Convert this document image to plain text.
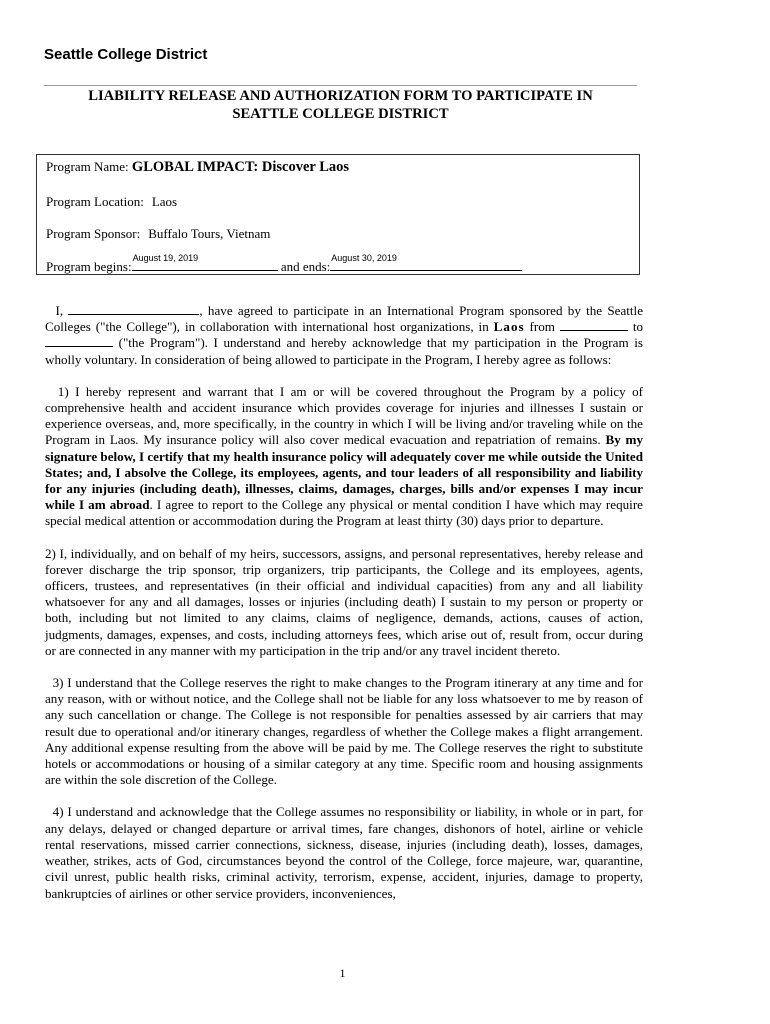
Seattle College District
LIABILITY RELEASE AND AUTHORIZATION FORM TO PARTICIPATE IN
SEATTLE COLLEGE DISTRICT
Program Name: GLOBAL IMPACT: Discover Laos
Program Location: Laos
Program Sponsor: Buffalo Tours, Vietnam
Program begins:
August 19, 2019
and ends:
August 30, 2019

I,	, have agreed to participate in an International Program sponsored by the Seattle Colleges ("the College"), in collaboration with international host organizations, in Laos from	to  ("the Program"). I understand and hereby acknowledge that my participation in the Program is wholly voluntary. In consideration of being allowed to participate in the Program, I hereby agree as follows:

1) I hereby represent and warrant that I am or will be covered throughout the Program by a policy of comprehensive health and accident insurance which provides coverage for injuries and illnesses I sustain or experience overseas, and, more specifically, in the country in which I will be living and/or traveling while on the Program in Laos. My insurance policy will also cover medical evacuation and repatriation of remains. By my signature below, I certify that my health insurance policy will adequately cover me while outside the United States; and, I absolve the College, its employees, agents, and tour leaders of all responsibility and liability for any injuries (including death), illnesses, claims, damages, charges, bills and/or expenses I may incur while I am abroad. I agree to report to the College any physical or mental condition I have which may require special medical attention or accommodation during the Program at least thirty (30) days prior to departure.

2) I, individually, and on behalf of my heirs, successors, assigns, and personal representatives, hereby release and forever discharge the trip sponsor, trip organizers, trip participants, the College and its employees, agents, officers, trustees, and representatives (in their official and individual capacities) from any and all liability whatsoever for any and all damages, losses or injuries (including death) I sustain to my person or property or both, including but not limited to any claims, claims of negligence, demands, actions, causes of action, judgments, damages, expenses, and costs, including attorneys fees, which arise out of, result from, occur during or are connected in any manner with my participation in the trip and/or any travel incident thereto.

3) I understand that the College reserves the right to make changes to the Program itinerary at any time and for any reason, with or without notice, and the College shall not be liable for any loss whatsoever to me by reason of any such cancellation or change. The College is not responsible for penalties assessed by air carriers that may result due to operational and/or itinerary changes, regardless of whether the College makes a flight arrangement. Any additional expense resulting from the above will be paid by me. The College reserves the right to substitute hotels or accommodations or housing of a similar category at any time. Specific room and housing assignments are within the sole discretion of the College.

4) I understand and acknowledge that the College assumes no responsibility or liability, in whole or in part, for any delays, delayed or changed departure or arrival times, fare changes, dishonors of hotel, airline or vehicle rental reservations, missed carrier connections, sickness, disease, injuries (including death), losses, damages, weather, strikes, acts of God, circumstances beyond the control of the College, force majeure, war, quarantine, civil unrest, public health risks, criminal activity, terrorism, expense, accident, injuries, damage to property, bankruptcies of airlines or other service providers, inconveniences,

1
